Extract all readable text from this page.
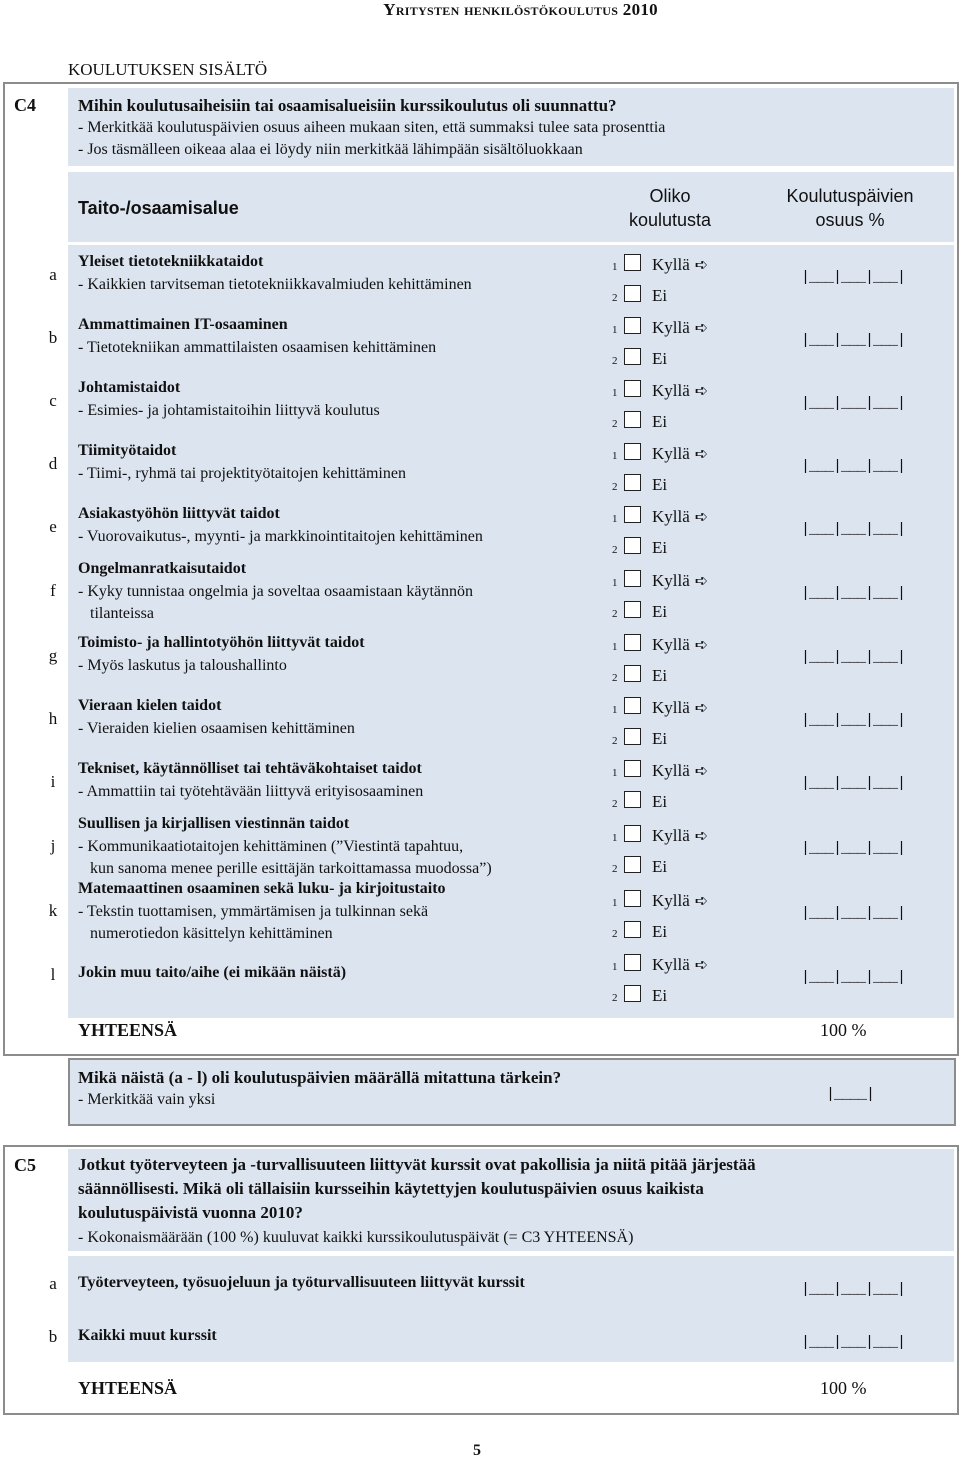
Yritysten henkilöstökoulutus 2010
KOULUTUKSEN SISÄLTÖ
C4 Mihin koulutusaiheisiin tai osaamisalueisiin kurssikoulutus oli suunnattu?
- Merkitkää koulutuspäivien osuus aiheen mukaan siten, että summaksi tulee sata prosenttia
- Jos täsmälleen oikeaa alaa ei löydy niin merkitkää lähimpään sisältöluokkaan
Taito-/osaamisalue
Oliko
koulutusta
Koulutuspäivien
osuus %
a
Yleiset tietotekniikkataidot
- Kaikkien tarvitseman tietotekniikkavalmiuden kehittäminen
1 Kyllä ➪
2 Ei
|___|___|___|
b
Ammattimainen IT-osaaminen
- Tietotekniikan ammattilaisten osaamisen kehittäminen
1 Kyllä ➪
2 Ei
|___|___|___|
c
Johtamistaidot
- Esimies- ja johtamistaitoihin liittyvä koulutus
1 Kyllä ➪
2 Ei
|___|___|___|
d
Tiimityötaidot
- Tiimi-, ryhmä tai projektityötaitojen kehittäminen
1 Kyllä ➪
2 Ei
|___|___|___|
e
Asiakastyöhön liittyvät taidot
- Vuorovaikutus-, myynti- ja markkinointitaitojen kehittäminen
1 Kyllä ➪
2 Ei
|___|___|___|
f
Ongelmanratkaisutaidot
- Kyky tunnistaa ongelmia ja soveltaa osaamistaan käytännön
tilanteissa
1 Kyllä ➪
2 Ei
|___|___|___|
g
Toimisto- ja hallintotyöhön liittyvät taidot
- Myös laskutus ja taloushallinto
1 Kyllä ➪
2 Ei
|___|___|___|
h
Vieraan kielen taidot
- Vieraiden kielien osaamisen kehittäminen
1 Kyllä ➪
2 Ei
|___|___|___|
i
Tekniset, käytännölliset tai tehtäväkohtaiset taidot
- Ammattiin tai työtehtävään liittyvä erityisosaaminen
1 Kyllä ➪
2 Ei
|___|___|___|
j
Suullisen ja kirjallisen viestinnän taidot
- Kommunikaatiotaitojen kehittäminen (”Viestintä tapahtuu,
kun sanoma menee perille esittäjän tarkoittamassa muodossa”)
1 Kyllä ➪
2 Ei
|___|___|___|
k
Matemaattinen osaaminen sekä luku- ja kirjoitustaito
- Tekstin tuottamisen, ymmärtämisen ja tulkinnan sekä
numerotiedon käsittelyn kehittäminen
1 Kyllä ➪
2 Ei
|___|___|___|
l Jokin muu taito/aihe (ei mikään näistä)	1 Kyllä ➪
2 Ei
|___|___|___|
YHTEENSÄ	100 %
Mikä näistä (a - l) oli koulutuspäivien määrällä mitattuna tärkein?
- Merkitkää vain yksi	|____|
C5 Jotkut työterveyteen ja -turvallisuuteen liittyvät kurssit ovat pakollisia ja niitä pitää järjestää
säännöllisesti. Mikä oli tällaisiin kursseihin käytettyjen koulutuspäivien osuus kaikista
koulutuspäivistä vuonna 2010?
- Kokonaismäärään (100 %) kuuluvat kaikki kurssikoulutuspäivät (= C3 YHTEENSÄ)
a Työterveyteen, työsuojeluun ja työturvallisuuteen liittyvät kurssit	|___|___|___|
b Kaikki muut kurssit	|___|___|___|
YHTEENSÄ	100 %
5
